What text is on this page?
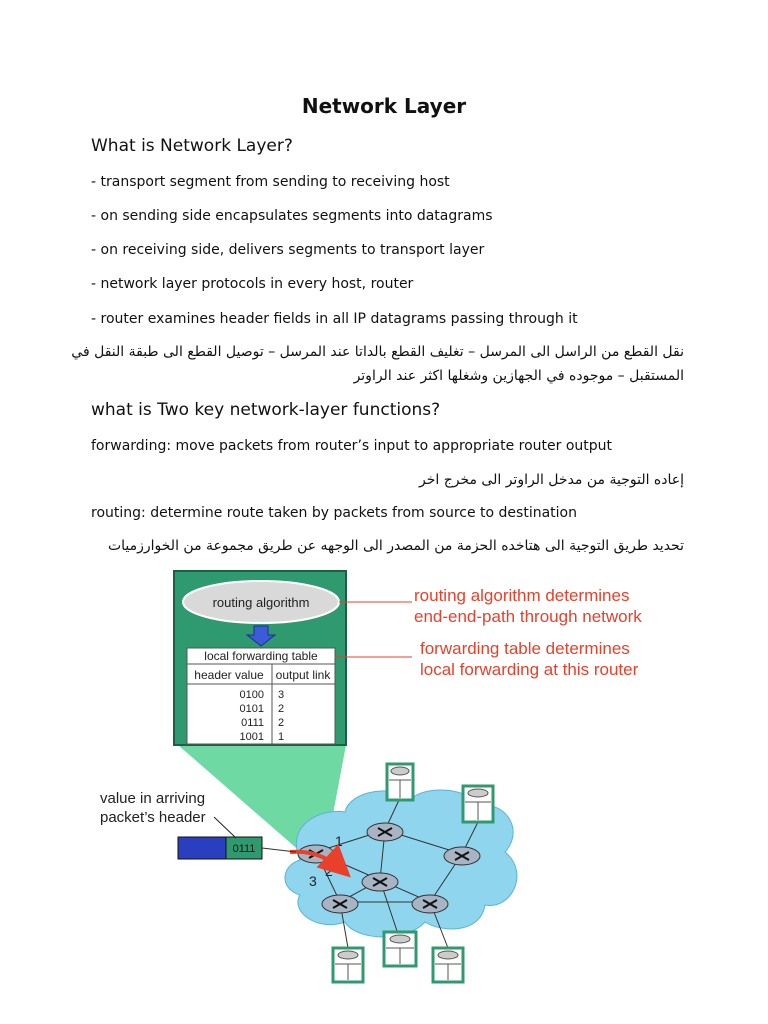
Network Layer
What is Network Layer?
- transport segment from sending to receiving host
- on sending side encapsulates segments into datagrams
- on receiving side, delivers segments to transport layer
- network layer protocols in every host, router
- router examines header fields in all IP datagrams passing through it
نقل القطع من الراسل الى المرسل – تغليف القطع بالداتا عند المرسل – توصيل القطع الى طبقة النقل في
المستقبل – موجوده في الجهازين وشغلها اكثر عند الراوتر
what is Two key network-layer functions?
forwarding: move packets from router’s input to appropriate router output
إعاده التوجية من مدخل الراوتر الى مخرج اخر
routing: determine route taken by packets from source to destination
تحديد طريق التوجية الى هتاخده الحزمة من المصدر الى الوجهه عن طريق مجموعة من الخوارزميات
routing algorithm
local forwarding table
header value output link
0100 3
0101 2
0111 2
1001 1
routing algorithm determines
end-end-path through network
forwarding table determines
local forwarding at this router
1
2
3
0111
value in arriving
packet’s header
